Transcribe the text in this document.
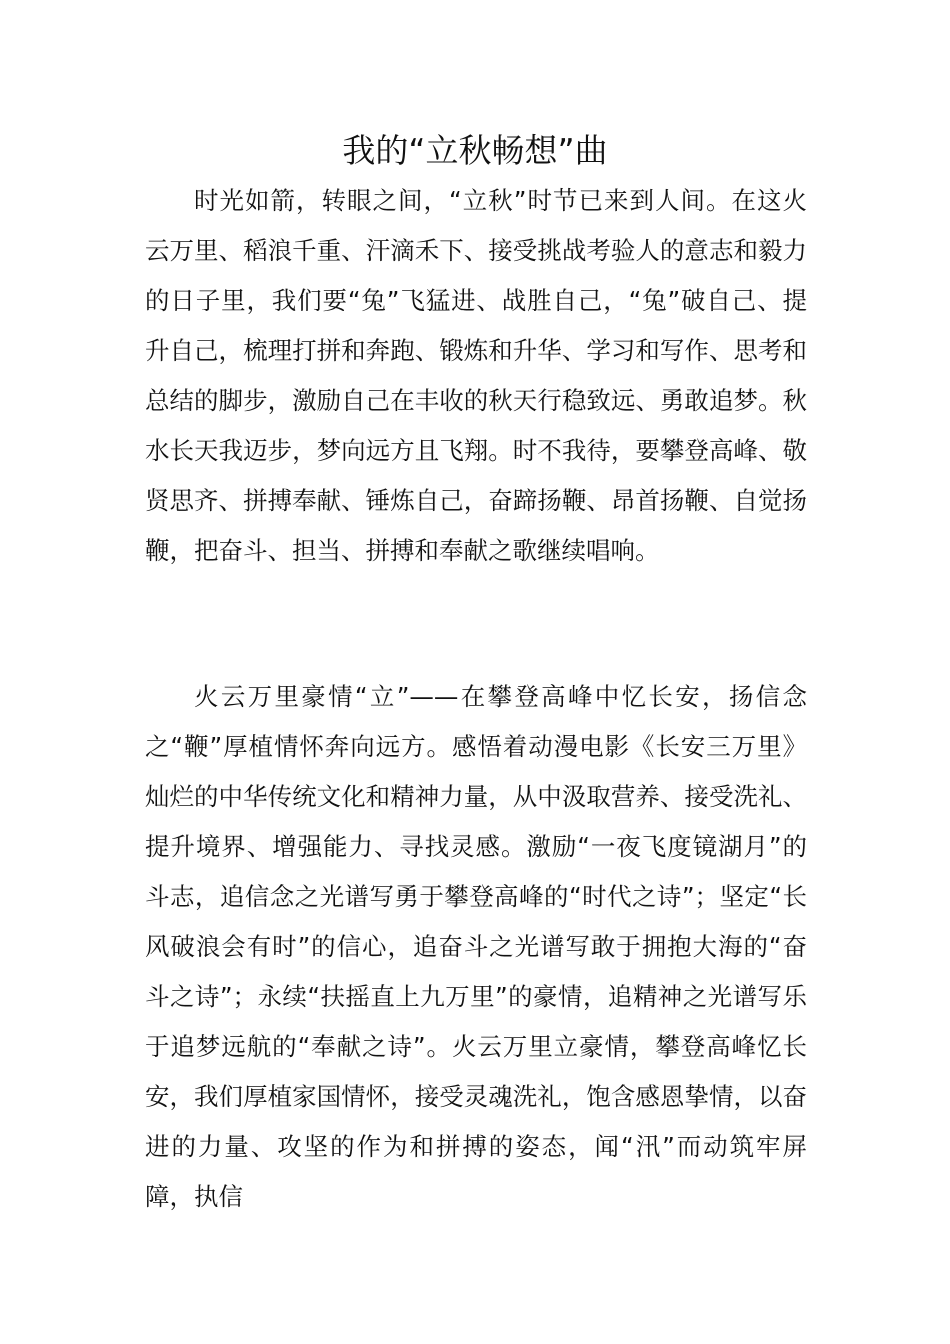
我的“立秋畅想”曲

时光如箭，转眼之间，“立秋”时节已来到人间。在这火云万里、稻浪千重、汗滴禾下、接受挑战考验人的意志和毅力的日子里，我们要“兔”飞猛进、战胜自己，“兔”破自己、提升自己，梳理打拼和奔跑、锻炼和升华、学习和写作、思考和总结的脚步，激励自己在丰收的秋天行稳致远、勇敢追梦。秋水长天我迈步，梦向远方且飞翔。时不我待，要攀登高峰、敬贤思齐、拼搏奉献、锤炼自己，奋蹄扬鞭、昂首扬鞭、自觉扬鞭，把奋斗、担当、拼搏和奉献之歌继续唱响。

火云万里豪情“立”——在攀登高峰中忆长安，扬信念之“鞭”厚植情怀奔向远方。感悟着动漫电影《长安三万里》灿烂的中华传统文化和精神力量，从中汲取营养、接受洗礼、提升境界、增强能力、寻找灵感。激励“一夜飞度镜湖月”的斗志，追信念之光谱写勇于攀登高峰的“时代之诗”；坚定“长风破浪会有时”的信心，追奋斗之光谱写敢于拥抱大海的“奋斗之诗”；永续“扶摇直上九万里”的豪情，追精神之光谱写乐于追梦远航的“奉献之诗”。火云万里立豪情，攀登高峰忆长安，我们厚植家国情怀，接受灵魂洗礼，饱含感恩挚情，以奋进的力量、攻坚的作为和拼搏的姿态，闻“汛”而动筑牢屏障，执信
